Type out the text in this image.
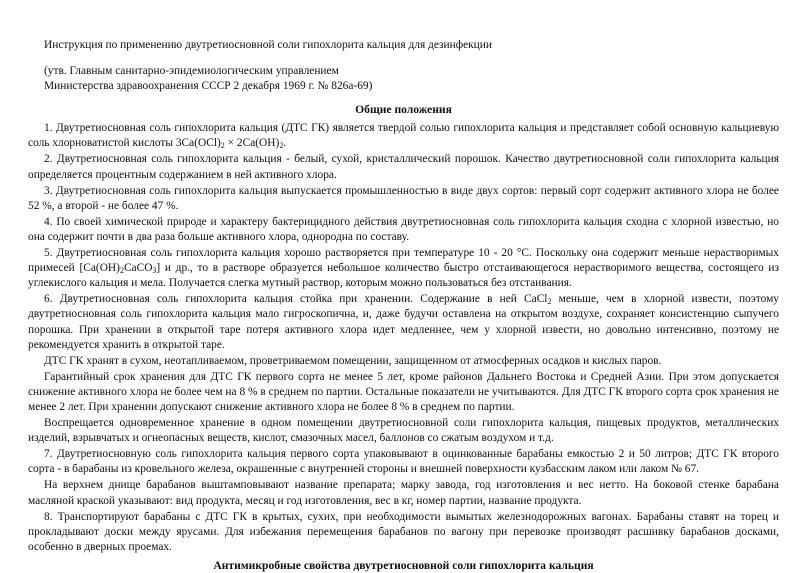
Инструкция по применению двутретиосновной соли гипохлорита кальция для дезинфекции
(утв. Главным санитарно-эпидемиологическим управлением
Министерства здравоохранения СССР 2 декабря 1969 г. № 826а-69)
Общие положения

1. Двутретиосновная соль гипохлорита кальция (ДТС ГК) является твердой солью гипохлорита кальция и представляет собой основную кальциевую соль хлорноватистой кислоты $3Ca(OCl)_2 \times 2Ca(OH)_2$.

2. Двутретиосновная соль гипохлорита кальция - белый, сухой, кристаллический порошок. Качество двутретиосновной соли гипохлорита кальция определяется процентным содержанием в ней активного хлора.

3. Двутретиосновная соль гипохлорита кальция выпускается промышленностью в виде двух сортов: первый сорт содержит активного хлора не более 52 %, а второй - не более 47 %.

4. По своей химической природе и характеру бактерицидного действия двутретиосновная соль гипохлорита кальция сходна с хлорной известью, но она содержит почти в два раза больше активного хлора, однородна по составу.

5. Двутретиосновная соль гипохлорита кальция хорошо растворяется при температуре 10 - 20 °С. Поскольку она содержит меньше нерастворимых примесей $[Ca(OH)_2CaCO_3]$ и др., то в растворе образуется небольшое количество быстро отстаивающегося нерастворимого вещества, состоящего из углекислого кальция и мела. Получается слегка мутный раствор, которым можно пользоваться без отстаивания.

6. Двутретиосновная соль гипохлорита кальция стойка при хранении. Содержание в ней CaCl$_2$ меньше, чем в хлорной извести, поэтому двутретиосновная соль гипохлорита кальция мало гигроскопична, и, даже будучи оставлена на открытом воздухе, сохраняет консистенцию сыпучего порошка. При хранении в открытой таре потеря активного хлора идет медленнее, чем у хлорной извести, но довольно интенсивно, поэтому не рекомендуется хранить в открытой таре.

ДТС ГК хранят в сухом, неотапливаемом, проветриваемом помещении, защищенном от атмосферных осадков и кислых паров.

Гарантийный срок хранения для ДТС ГК первого сорта не менее 5 лет, кроме районов Дальнего Востока и Средней Азии. При этом допускается снижение активного хлора не более чем на 8 % в среднем по партии. Остальные показатели не учитываются. Для ДТС ГК второго сорта срок хранения не менее 2 лет. При хранении допускают снижение активного хлора не более 8 % в среднем по партии.

Воспрещается одновременное хранение в одном помещении двутретиосновной соли гипохлорита кальция, пищевых продуктов, металлических изделий, взрывчатых и огнеопасных веществ, кислот, смазочных масел, баллонов со сжатым воздухом и т.д.

7. Двутретиосновную соль гипохлорита кальция первого сорта упаковывают в оцинкованные барабаны емкостью 2 и 50 литров; ДТС ГК второго сорта - в барабаны из кровельного железа, окрашенные с внутренней стороны и внешней поверхности кузбасским лаком или лаком № 67.

На верхнем днище барабанов выштамповывают название препарата; марку завода, год изготовления и вес нетто. На боковой стенке барабана масляной краской указывают: вид продукта, месяц и год изготовления, вес в кг, номер партии, название продукта.

8. Транспортируют барабаны с ДТС ГК в крытых, сухих, при необходимости вымытых железнодорожных вагонах. Барабаны ставят на торец и прокладывают доски между ярусами. Для избежания перемещения барабанов по вагону при перевозке производят расшивку барабанов досками, особенно в дверных проемах.

Антимикробные свойства двутретиосновной соли гипохлорита кальция
